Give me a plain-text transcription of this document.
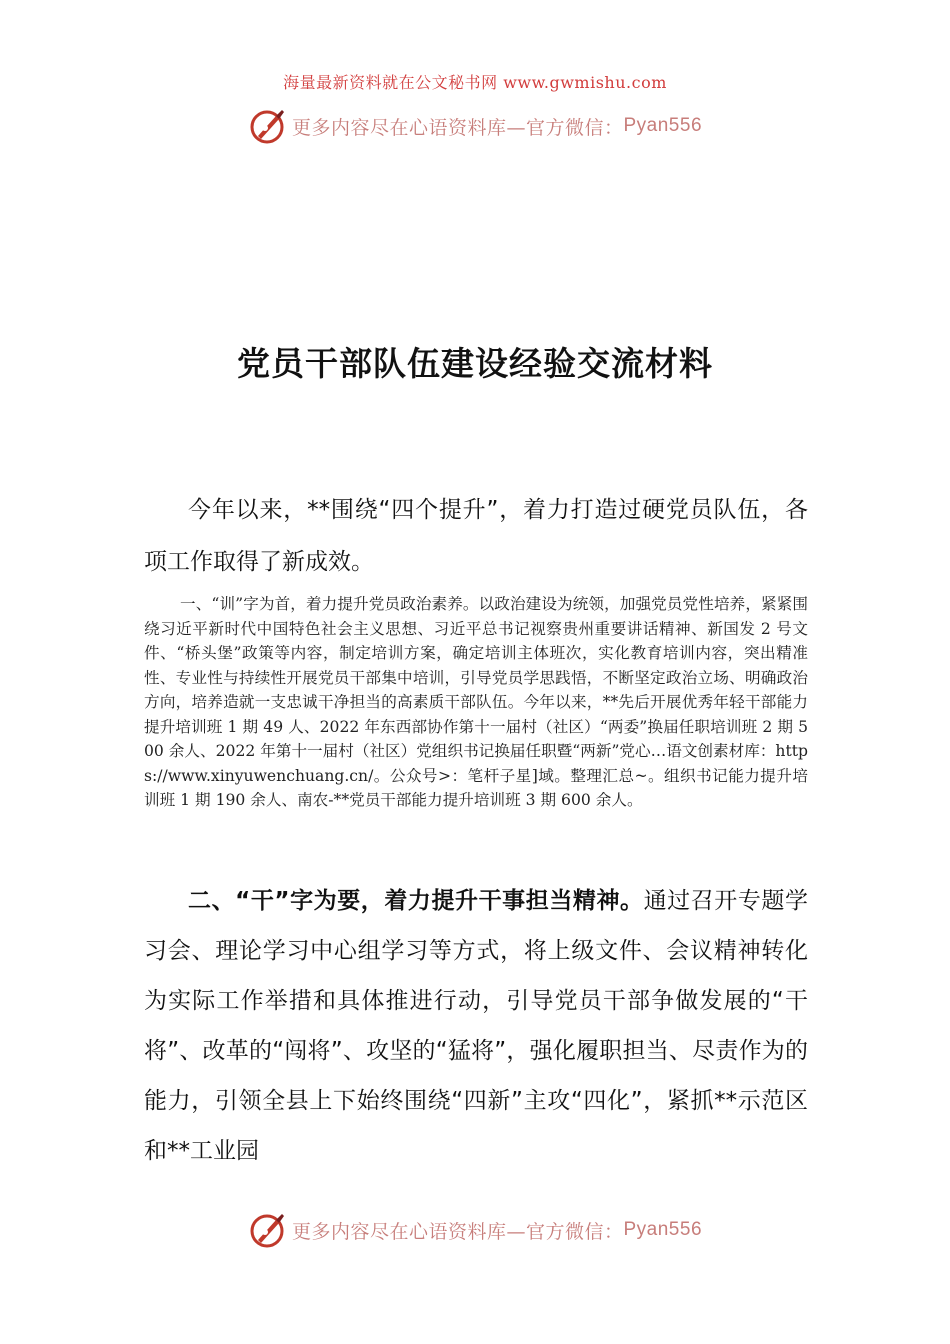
海量最新资料就在公文秘书网 www.gwmishu.com
更多内容尽在心语资料库—官方微信： Pyan556
党员干部队伍建设经验交流材料

今年以来，**围绕“四个提升”，着力打造过硬党员队伍，各项工作取得了新成效。

一、“训”字为首，着力提升党员政治素养。以政治建设为统领，加强党员党性培养，紧紧围绕习近平新时代中国特色社会主义思想、习近平总书记视察贵州重要讲话精神、新国发 2 号文件、“桥头堡”政策等内容，制定培训方案，确定培训主体班次，实化教育培训内容，突出精准性、专业性与持续性开展党员干部集中培训，引导党员学思践悟，不断坚定政治立场、明确政治方向，培养造就一支忠诚干净担当的高素质干部队伍。今年以来，**先后开展优秀年轻干部能力提升培训班 1 期 49 人、2022 年东西部协作第十一届村（社区）“两委”换届任职培训班 2 期 500 余人、2022 年第十一届村（社区）党组织书记换届任职暨“两新”党心…语文创素材库：https://www.xinyuwenchuang.cn/。公众号>：笔杆子星]域。整理汇总~。组织书记能力提升培训班 1 期 190 余人、南农-**党员干部能力提升培训班 3 期 600 余人。

二、“干”字为要，着力提升干事担当精神。通过召开专题学习会、理论学习中心组学习等方式，将上级文件、会议精神转化为实际工作举措和具体推进行动，引导党员干部争做发展的“干将”、改革的“闯将”、攻坚的“猛将”，强化履职担当、尽责作为的能力，引领全县上下始终围绕“四新”主攻“四化”，紧抓**示范区和**工业园

更多内容尽在心语资料库—官方微信： Pyan556
